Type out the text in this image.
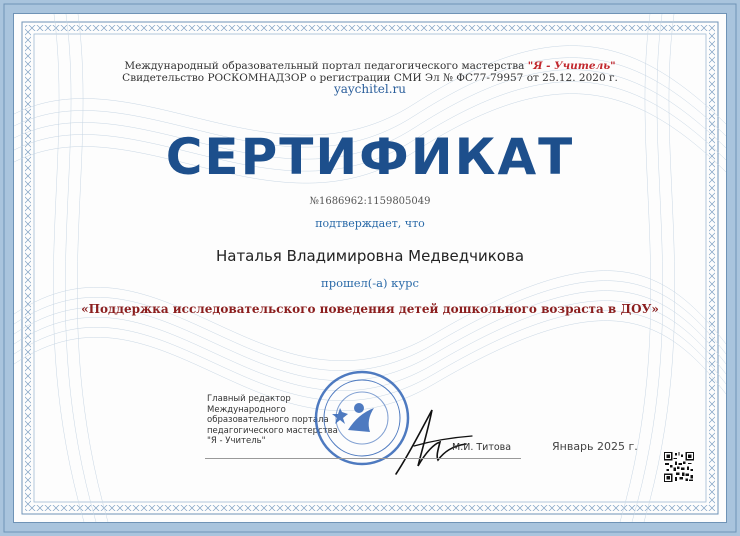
Международный образовательный портал педагогического мастерства "Я - Учитель"
Свидетельство РОСКОМНАДЗОР о регистрации СМИ Эл № ФС77-79957 от 25.12. 2020 г.
yaychitel.ru
СЕРТИФИКАТ
№1686962:1159805049
подтверждает, что
Наталья Владимировна Медведчикова
прошел(-а) курс
«Поддержка исследовательского поведения детей дошкольного возраста в ДОУ»
Главный редактор
Международного
образовательного портала
педагогического мастерства
"Я - Учитель"
М.И. Титова	Январь 2025 г.
